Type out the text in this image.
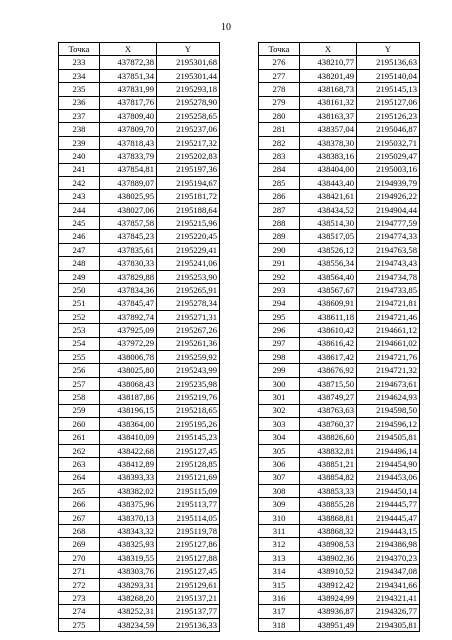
10
Точка	X	Y
233	437872,38	2195301,68
234	437851,34	2195301,44
235	437831,99	2195293,18
236	437817,76	2195278,90
237	437809,40	2195258,65
238	437809,70	2195237,06
239	437818,43	2195217,32
240	437833,79	2195202,83
241	437854,81	2195197,36
242	437889,07	2195194,67
243	438025,95	2195181,72
244	438027,06	2195188,64
245	437857,58	2195215,96
246	437845,23	2195220,45
247	437835,61	2195229,41
248	437830,33	2195241,06
249	437829,88	2195253,90
250	437834,36	2195265,91
251	437845,47	2195278,34
252	437892,74	2195271,31
253	437925,09	2195267,26
254	437972,29	2195261,36
255	438006,78	2195259,92
256	438025,80	2195243,99
257	438068,43	2195235,98
258	438187,86	2195219,76
259	438196,15	2195218,65
260	438364,00	2195195,26
261	438410,09	2195145,23
262	438422,68	2195127,45
263	438412,89	2195128,85
264	438393,33	2195121,69
265	438382,02	2195115,09
266	438375,96	2195113,77
267	438370,13	2195114,05
268	438343,32	2195119,78
269	438325,93	2195127,86
270	438319,55	2195127,88
271	438303,76	2195127,45
272	438293,31	2195129,61
273	438268,20	2195137,21
274	438252,31	2195137,77
275	438234,59	2195136,33
Точка	X	Y
276	438210,77	2195136,63
277	438201,49	2195140,04
278	438168,73	2195145,13
279	438161,32	2195127,06
280	438163,37	2195126,23
281	438357,04	2195046,87
282	438378,30	2195032,71
283	438383,16	2195029,47
284	438404,00	2195003,16
285	438443,40	2194939,79
286	438421,61	2194926,22
287	438434,52	2194904,44
288	438514,30	2194777,59
289	438517,05	2194774,33
290	438526,12	2194763,58
291	438556,34	2194743,43
292	438564,40	2194734,78
293	438567,67	2194733,85
294	438609,91	2194721,81
295	438611,18	2194721,46
296	438610,42	2194661,12
297	438616,42	2194661,02
298	438617,42	2194721,76
299	438676,92	2194721,32
300	438715,50	2194673,61
301	438749,27	2194624,93
302	438763,63	2194598,50
303	438760,37	2194596,12
304	438826,60	2194505,81
305	438832,81	2194496,14
306	438851,21	2194454,90
307	438854,82	2194453,06
308	438853,33	2194450,14
309	438855,28	2194445,77
310	438868,81	2194445,47
311	438868,32	2194443,15
312	438908,53	2194386,98
313	438902,36	2194370,23
314	438910,52	2194347,08
315	438912,42	2194341,66
316	438924,99	2194321,41
317	438936,87	2194326,77
318	438951,49	2194305,81
